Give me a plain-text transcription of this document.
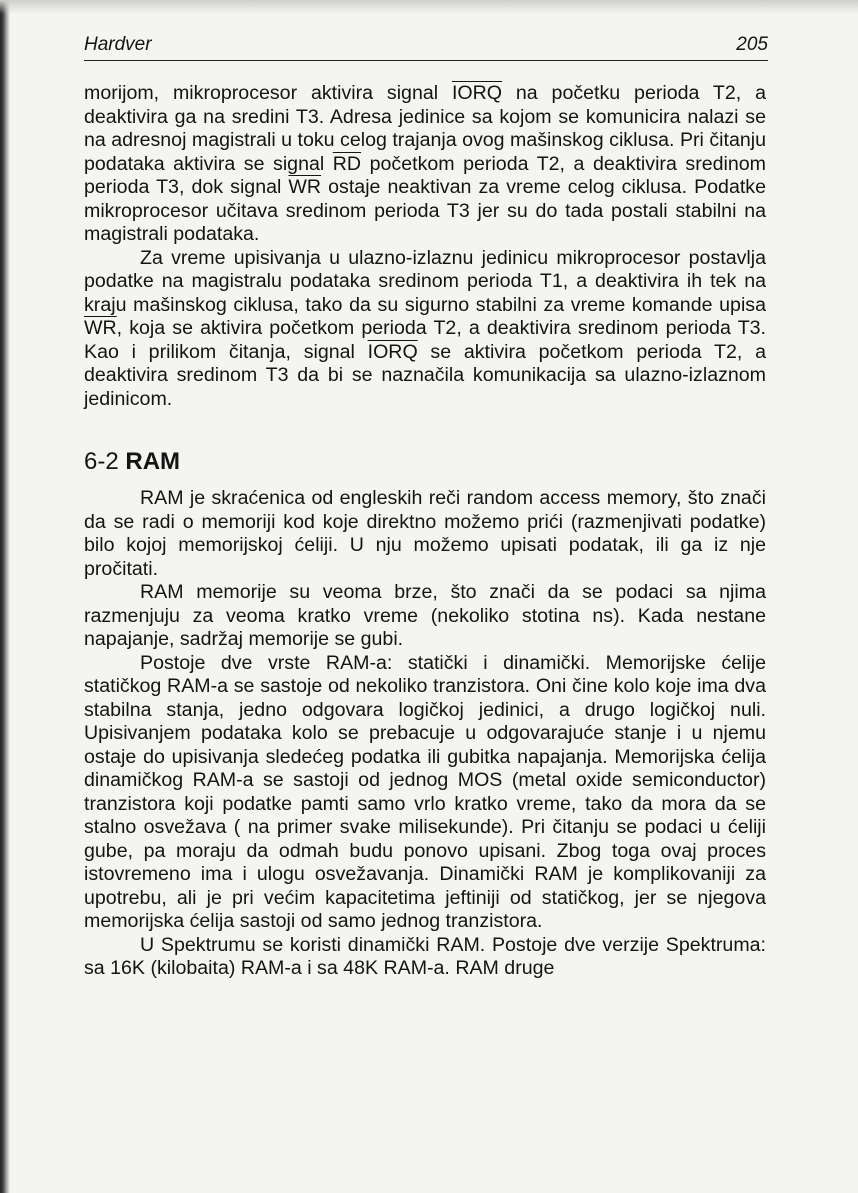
Hardver	205

morijom, mikroprocesor aktivira signal IORQ na početku perioda T2, a deaktivira ga na sredini T3. Adresa jedinice sa kojom se komunicira nalazi se na adresnoj magistrali u toku celog trajanja ovog mašinskog ciklusa. Pri čitanju podataka aktivira se signal $\overline{RD}$ početkom perioda T2, a deaktivira sredinom perioda T3, dok signal $\overline{WR}$ ostaje neaktivan za vreme celog ciklusa. Podatke mikroprocesor učitava sredinom perioda T3 jer su do tada postali stabilni na magistrali podataka.

Za vreme upisivanja u ulazno-izlaznu jedinicu mikroprocesor postavlja podatke na magistralu podataka sredinom perioda T1, a deaktivira ih tek na kraju mašinskog ciklusa, tako da su sigurno stabilni za vreme komande upisa $\overline{WR}$, koja se aktivira početkom perioda T2, a deaktivira sredinom perioda T3. Kao i prilikom čitanja, signal IORQ se aktivira početkom perioda T2, a deaktivira sredinom T3 da bi se naznačila komunikacija sa ulazno-izlaznom jedinicom.

6-2 RAM

RAM je skraćenica od engleskih reči random access memory, što znači da se radi o memoriji kod koje direktno možemo prići (razmenjivati podatke) bilo kojoj memorijskoj ćeliji. U nju možemo upisati podatak, ili ga iz nje pročitati.

RAM memorije su veoma brze, što znači da se podaci sa njima razmenjuju za veoma kratko vreme (nekoliko stotina ns). Kada nestane napajanje, sadržaj memorije se gubi.

Postoje dve vrste RAM-a: statički i dinamički. Memorijske ćelije statičkog RAM-a se sastoje od nekoliko tranzistora. Oni čine kolo koje ima dva stabilna stanja, jedno odgovara logičkoj jedinici, a drugo logičkoj nuli. Upisivanjem podataka kolo se prebacuje u odgovarajuće stanje i u njemu ostaje do upisivanja sledećeg podatka ili gubitka napajanja. Memorijska ćelija dinamičkog RAM-a se sastoji od jednog MOS (metal oxide semiconductor) tranzistora koji podatke pamti samo vrlo kratko vreme, tako da mora da se stalno osvežava ( na primer svake milisekunde). Pri čitanju se podaci u ćeliji gube, pa moraju da odmah budu ponovo upisani. Zbog toga ovaj proces istovremeno ima i ulogu osvežavanja. Dinamički RAM je komplikovaniji za upotrebu, ali je pri većim kapacitetima jeftiniji od statičkog, jer se njegova memorijska ćelija sastoji od samo jednog tranzistora.

U Spektrumu se koristi dinamički RAM. Postoje dve verzije Spektruma: sa 16K (kilobaita) RAM-a i sa 48K RAM-a. RAM druge
